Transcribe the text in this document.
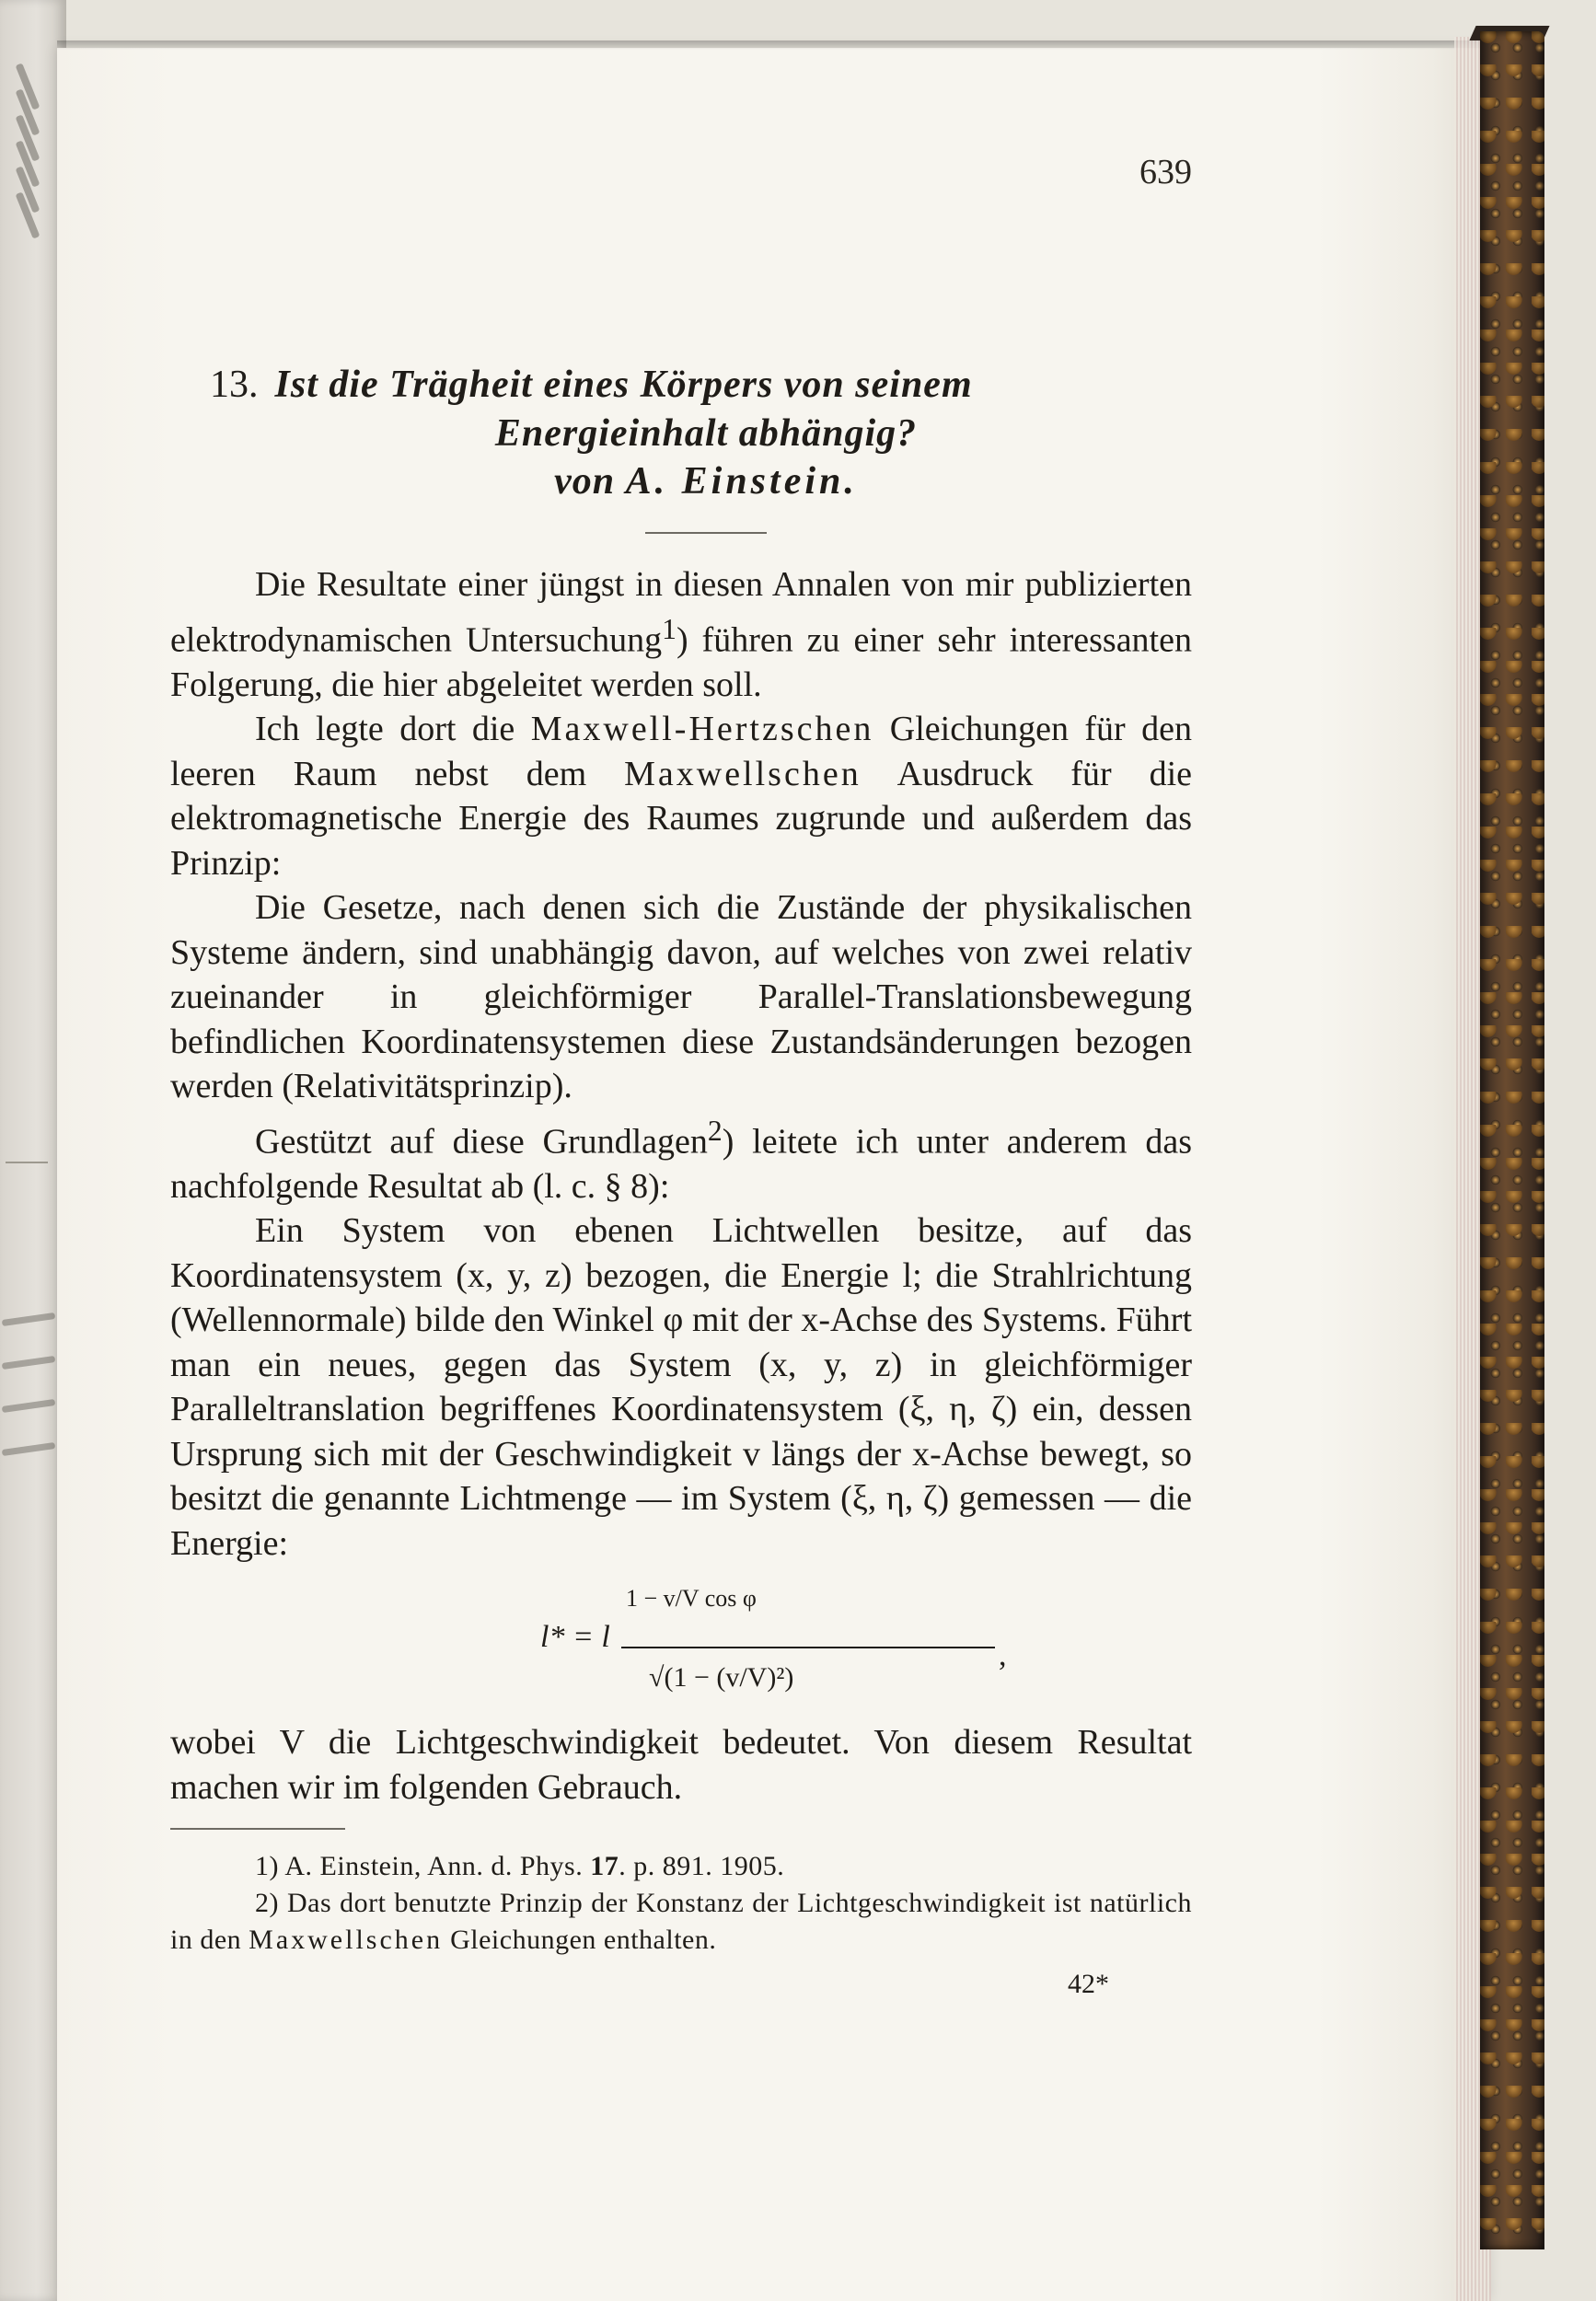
639
13. Ist die Trägheit eines Körpers von seinem
Energieinhalt abhängig?
von A. Einstein.

Die Resultate einer jüngst in diesen Annalen von mir publizierten elektrodynamischen Untersuchung$^1$) führen zu einer sehr interessanten Folgerung, die hier abgeleitet werden soll.

Ich legte dort die Maxwell-Hertzschen Gleichungen für den leeren Raum nebst dem Maxwellschen Ausdruck für die elektromagnetische Energie des Raumes zugrunde und außerdem das Prinzip:

Die Gesetze, nach denen sich die Zustände der physikalischen Systeme ändern, sind unabhängig davon, auf welches von zwei relativ zueinander in gleichförmiger Parallel-Translationsbewegung befindlichen Koordinatensystemen diese Zustandsänderungen bezogen werden (Relativitätsprinzip).

Gestützt auf diese Grundlagen$^2$) leitete ich unter anderem das nachfolgende Resultat ab (l. c. § 8):

Ein System von ebenen Lichtwellen besitze, auf das Koordinatensystem (x, y, z) bezogen, die Energie l; die Strahlrichtung (Wellennormale) bilde den Winkel φ mit der x-Achse des Systems. Führt man ein neues, gegen das System (x, y, z) in gleichförmiger Paralleltranslation begriffenes Koordinatensystem (ξ, η, ζ) ein, dessen Ursprung sich mit der Geschwindigkeit v längs der x-Achse bewegt, so besitzt die genannte Lichtmenge — im System (ξ, η, ζ) gemessen — die Energie:

1 − v/V cos φ
l* = l
,
√(1 − (v/V)²)

wobei V die Lichtgeschwindigkeit bedeutet. Von diesem Resultat machen wir im folgenden Gebrauch.

1) A. Einstein, Ann. d. Phys. 17. p. 891. 1905.

2) Das dort benutzte Prinzip der Konstanz der Lichtgeschwindigkeit ist natürlich in den Maxwellschen Gleichungen enthalten.

42*
